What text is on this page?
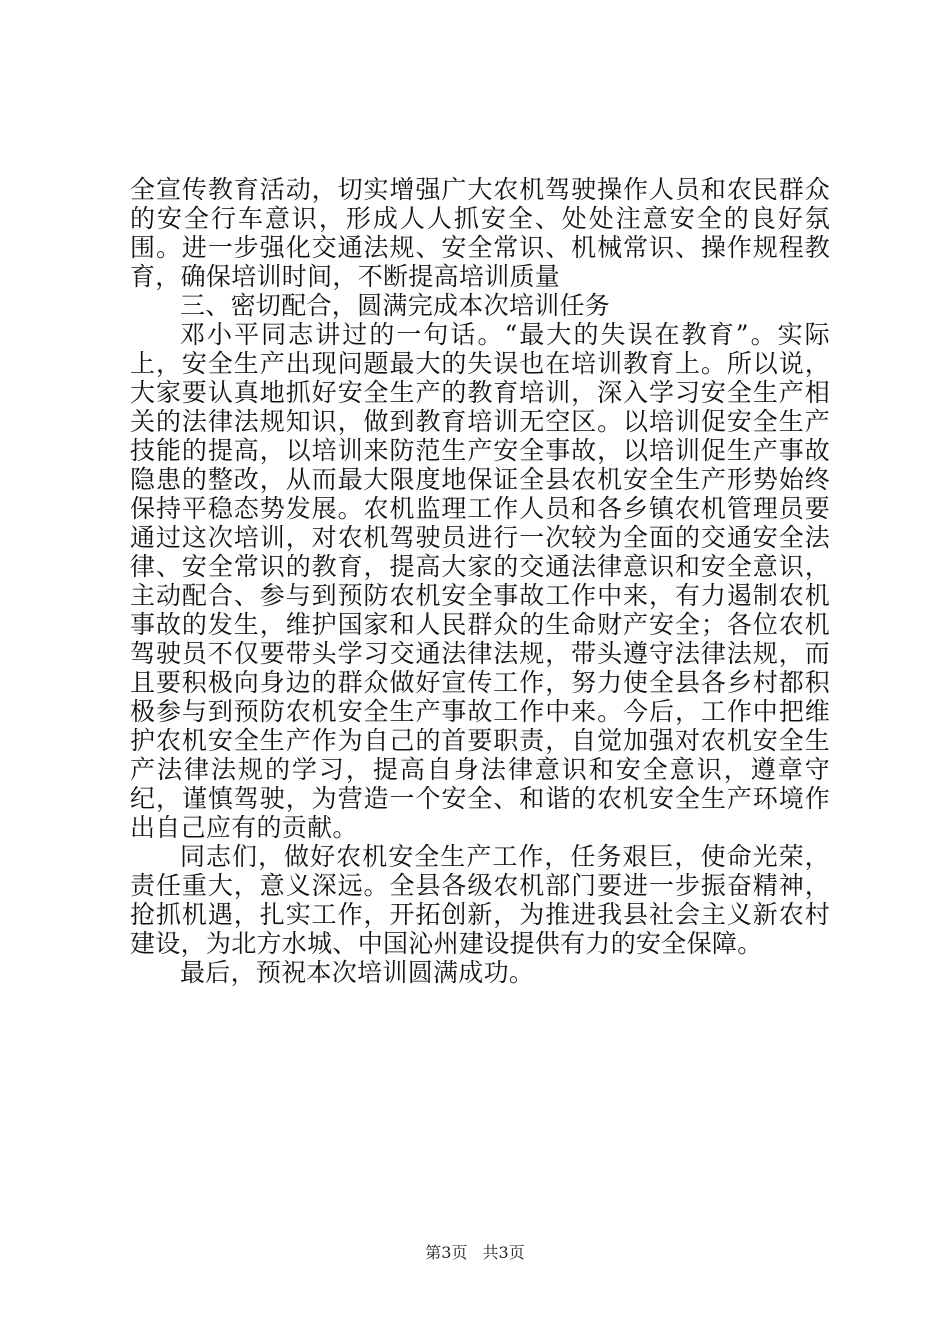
全宣传教育活动，切实增强广大农机驾驶操作人员和农民群众的安全行车意识，形成人人抓安全、处处注意安全的良好氛围。进一步强化交通法规、安全常识、机械常识、操作规程教育，确保培训时间，不断提高培训质量

三、密切配合，圆满完成本次培训任务

邓小平同志讲过的一句话。“最大的失误在教育”。实际上，安全生产出现问题最大的失误也在培训教育上。所以说，大家要认真地抓好安全生产的教育培训，深入学习安全生产相关的法律法规知识，做到教育培训无空区。以培训促安全生产技能的提高，以培训来防范生产安全事故，以培训促生产事故隐患的整改，从而最大限度地保证全县农机安全生产形势始终保持平稳态势发展。农机监理工作人员和各乡镇农机管理员要通过这次培训，对农机驾驶员进行一次较为全面的交通安全法律、安全常识的教育，提高大家的交通法律意识和安全意识，主动配合、参与到预防农机安全事故工作中来，有力遏制农机事故的发生，维护国家和人民群众的生命财产安全；各位农机驾驶员不仅要带头学习交通法律法规，带头遵守法律法规，而且要积极向身边的群众做好宣传工作，努力使全县各乡村都积极参与到预防农机安全生产事故工作中来。今后，工作中把维护农机安全生产作为自己的首要职责，自觉加强对农机安全生产法律法规的学习，提高自身法律意识和安全意识，遵章守纪，谨慎驾驶，为营造一个安全、和谐的农机安全生产环境作出自己应有的贡献。

同志们，做好农机安全生产工作，任务艰巨，使命光荣，责任重大，意义深远。全县各级农机部门要进一步振奋精神，抢抓机遇，扎实工作，开拓创新，为推进我县社会主义新农村建设，为北方水城、中国沁州建设提供有力的安全保障。

最后，预祝本次培训圆满成功。

第3页 共3页
